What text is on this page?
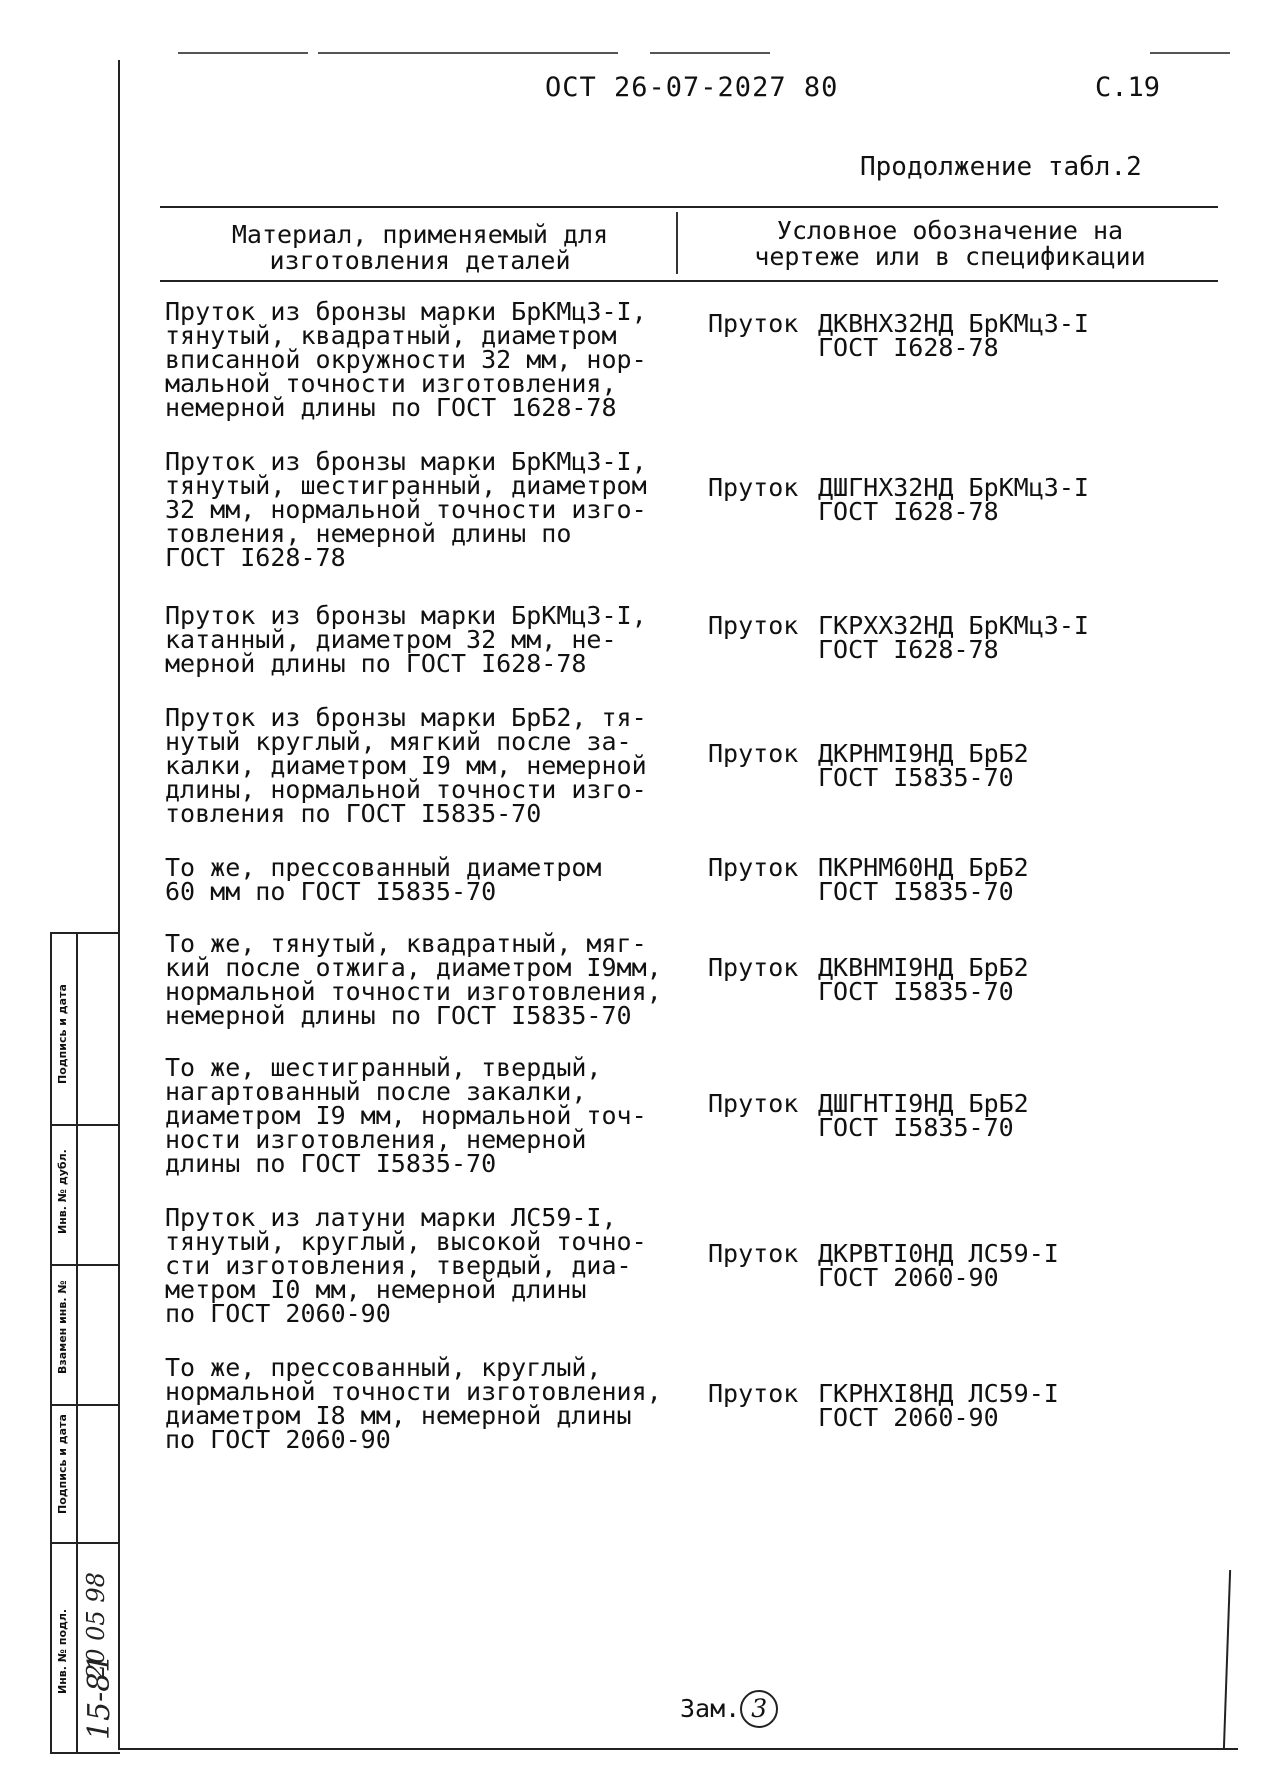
ОСТ 26-07-2027 80	С.19
Продолжение табл.2
Материал, применяемый для
изготовления деталей
Условное обозначение на
чертеже или в спецификации
Пруток из бронзы марки БрКМц3-I,
тянутый, квадратный, диаметром
вписанной окружности 32 мм, нор-
мальной точности изготовления,
немерной длины по ГОСТ 1628-78
Пруток ДКВНХ32НД БрКМц3-I
ГОСТ I628-78
Пруток из бронзы марки БрКМц3-I,
тянутый, шестигранный, диаметром
32 мм, нормальной точности изго-
товления, немерной длины по
ГОСТ I628-78
Пруток ДШГНХ32НД БрКМц3-I
ГОСТ I628-78
Пруток из бронзы марки БрКМц3-I,
катанный, диаметром 32 мм, не-
мерной длины по ГОСТ I628-78
Пруток ГКРХХ32НД БрКМц3-I
ГОСТ I628-78
Пруток из бронзы марки БрБ2, тя-
нутый круглый, мягкий после за-
калки, диаметром I9 мм, немерной
длины, нормальной точности изго-
товления по ГОСТ I5835-70
Пруток ДКРНМI9НД БрБ2
ГОСТ I5835-70
То же, прессованный диаметром
60 мм по ГОСТ I5835-70
Пруток ПКРНМ60НД БрБ2
ГОСТ I5835-70
То же, тянутый, квадратный, мяг-
кий после отжига, диаметром I9мм,
нормальной точности изготовления,
немерной длины по ГОСТ I5835-70
Пруток ДКВНМI9НД БрБ2
ГОСТ I5835-70
То же, шестигранный, твердый,
нагартованный после закалки,
диаметром I9 мм, нормальной точ-
ности изготовления, немерной
длины по ГОСТ I5835-70
Пруток ДШГНТI9НД БрБ2
ГОСТ I5835-70
Пруток из латуни марки ЛС59-I,
тянутый, круглый, высокой точно-
сти изготовления, твердый, диа-
метром I0 мм, немерной длины
по ГОСТ 2060-90
Пруток ДКРВТI0НД ЛС59-I
ГОСТ 2060-90
То же, прессованный, круглый,
нормальной точности изготовления,
диаметром I8 мм, немерной длины
по ГОСТ 2060-90
Пруток ГКРНХI8НД ЛС59-I
ГОСТ 2060-90
Подпись и дата
Инв. № дубл.
Взамен инв. №
Подпись и дата
Инв. № подл. 20 05 98
15-81	Зам. 3
